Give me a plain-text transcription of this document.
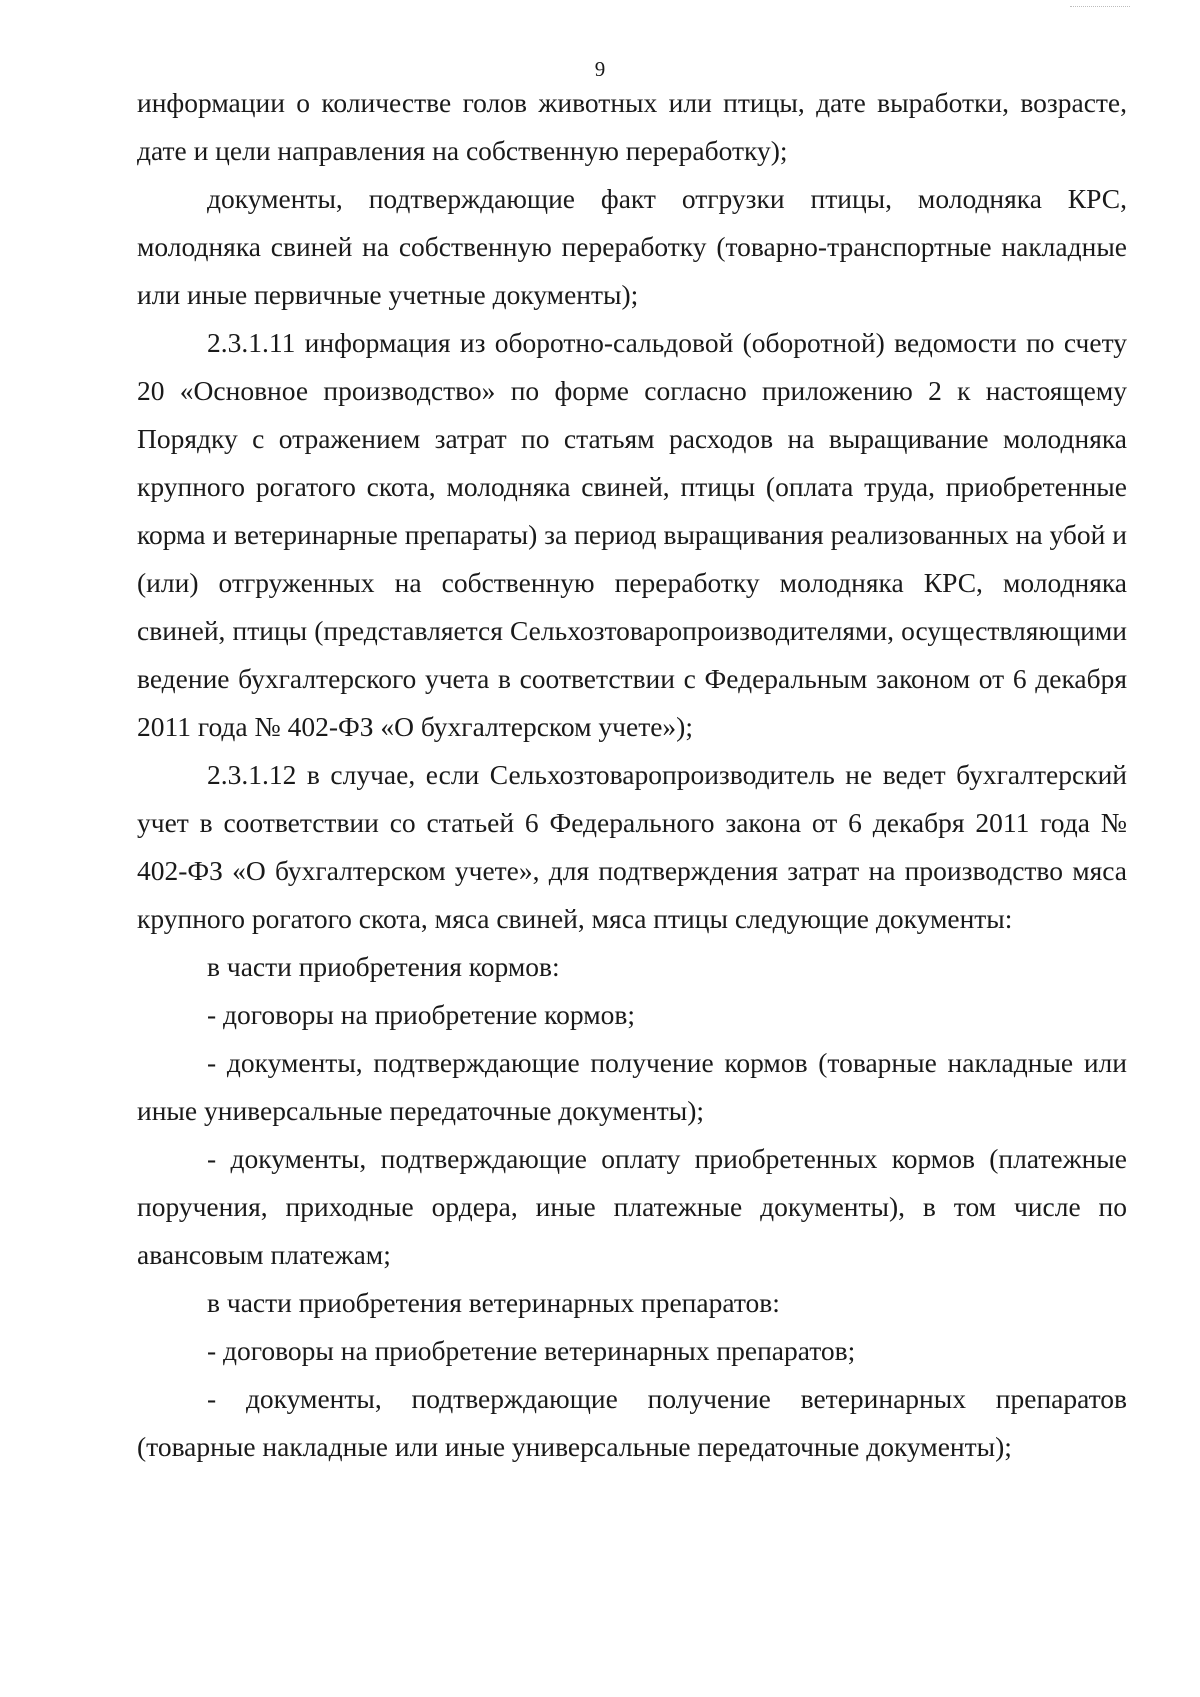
9

информации о количестве голов животных или птицы, дате выработки, возрасте, дате и цели направления на собственную переработку);

документы, подтверждающие факт отгрузки птицы, молодняка КРС, молодняка свиней на собственную переработку (товарно-транспортные накладные или иные первичные учетные документы);

2.3.1.11 информация из оборотно-сальдовой (оборотной) ведомости по счету 20 «Основное производство» по форме согласно приложению 2 к настоящему Порядку с отражением затрат по статьям расходов на выращивание молодняка крупного рогатого скота, молодняка свиней, птицы (оплата труда, приобретенные корма и ветеринарные препараты) за период выращивания реализованных на убой и (или) отгруженных на собственную переработку молодняка КРС, молодняка свиней, птицы (представляется Сельхозтоваропроизводителями, осуществляющими ведение бухгалтерского учета в соответствии с Федеральным законом от 6 декабря 2011 года № 402-ФЗ «О бухгалтерском учете»);

2.3.1.12 в случае, если Сельхозтоваропроизводитель не ведет бухгалтерский учет в соответствии со статьей 6 Федерального закона от 6 декабря 2011 года № 402-ФЗ «О бухгалтерском учете», для подтверждения затрат на производство мяса крупного рогатого скота, мяса свиней, мяса птицы следующие документы:

в части приобретения кормов:

- договоры на приобретение кормов;

- документы, подтверждающие получение кормов (товарные накладные или иные универсальные передаточные документы);

- документы, подтверждающие оплату приобретенных кормов (платежные поручения, приходные ордера, иные платежные документы), в том числе по авансовым платежам;

в части приобретения ветеринарных препаратов:

- договоры на приобретение ветеринарных препаратов;

- документы, подтверждающие получение ветеринарных препаратов (товарные накладные или иные универсальные передаточные документы);
